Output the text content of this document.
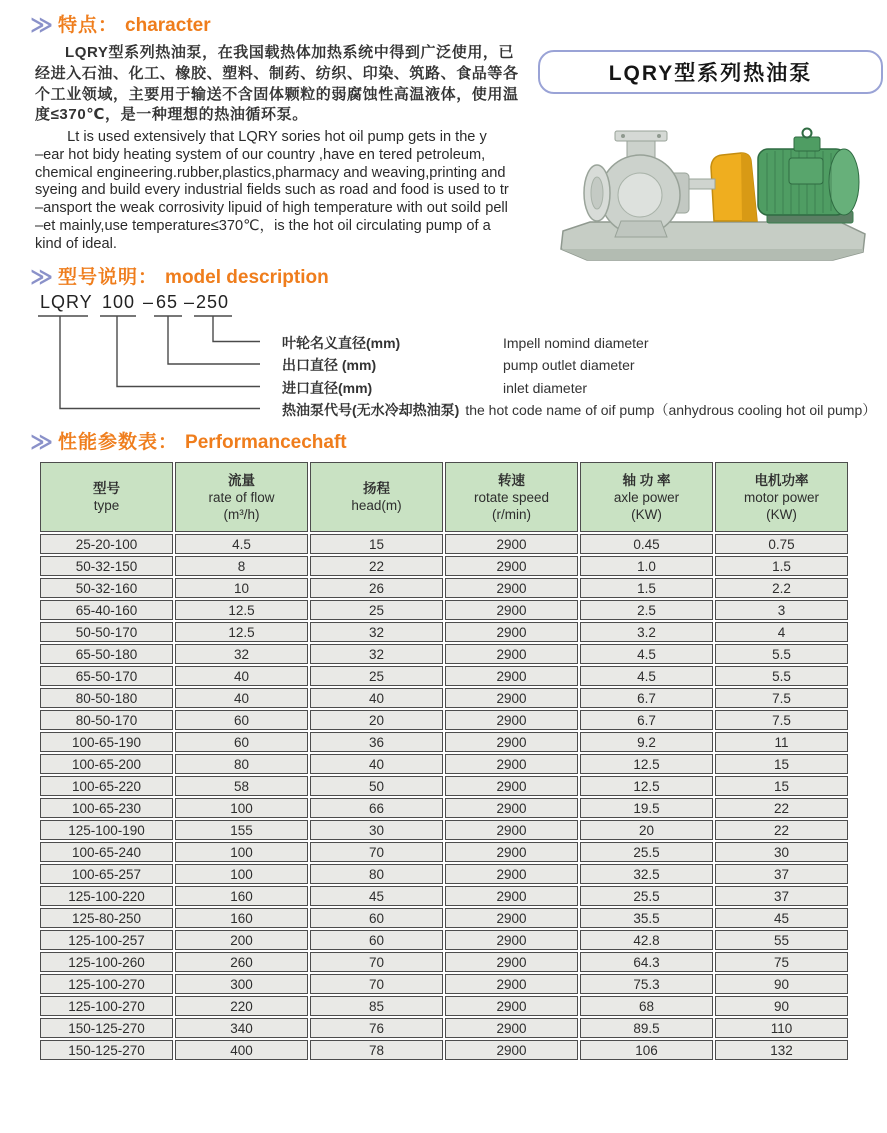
≫ 特点： character
LQRY型系列热油泵，在我国载热体加热系统中得到广泛使用，已
经进入石油、化工、橡胶、塑料、制药、纺织、印染、筑路、食品等各
个工业领域，主要用于输送不含固体颗粒的弱腐蚀性高温液体，使用温
度≤370℃，是一种理想的热油循环泵。
Lt is used extensively that LQRY sories hot oil pump gets in the y
–ear hot bidy heating system of our country ,have en tered petroleum,
chemical engineering.rubber,plastics,pharmacy and weaving,printing and
syeing and build every industrial fields such as road and food is used to tr
–ansport the weak corrosivity lipuid of high temperature with out soild pell
–et mainly,use temperature≤370℃，is the hot oil circulating pump of a
kind of ideal.
LQRY型系列热油泵
≫ 型号说明： model description
LQRY 100 – 65 – 250
叶轮名义直径(mm)	Impell nomind diameter
出口直径 (mm)	pump outlet diameter
进口直径(mm)	inlet diameter
热油泵代号(无水冷却热油泵) the hot code name of oif pump（anhydrous cooling hot oil pump）
≫ 性能参数表： Performancechaft
型号
type	流量
rate of flow
(m³/h)	扬程
head(m)	转速
rotate speed
(r/min)	轴 功 率
axle power
(KW)	电机功率
motor power
(KW)

25-20-100	4.5	15	2900	0.45	0.75
50-32-150	8	22	2900	1.0	1.5
50-32-160	10	26	2900	1.5	2.2
65-40-160	12.5	25	2900	2.5	3
50-50-170	12.5	32	2900	3.2	4
65-50-180	32	32	2900	4.5	5.5
65-50-170	40	25	2900	4.5	5.5
80-50-180	40	40	2900	6.7	7.5
80-50-170	60	20	2900	6.7	7.5
100-65-190	60	36	2900	9.2	11
100-65-200	80	40	2900	12.5	15
100-65-220	58	50	2900	12.5	15
100-65-230	100	66	2900	19.5	22
125-100-190	155	30	2900	20	22
100-65-240	100	70	2900	25.5	30
100-65-257	100	80	2900	32.5	37
125-100-220	160	45	2900	25.5	37
125-80-250	160	60	2900	35.5	45
125-100-257	200	60	2900	42.8	55
125-100-260	260	70	2900	64.3	75
125-100-270	300	70	2900	75.3	90
125-100-270	220	85	2900	68	90
150-125-270	340	76	2900	89.5	110
150-125-270	400	78	2900	106	132
